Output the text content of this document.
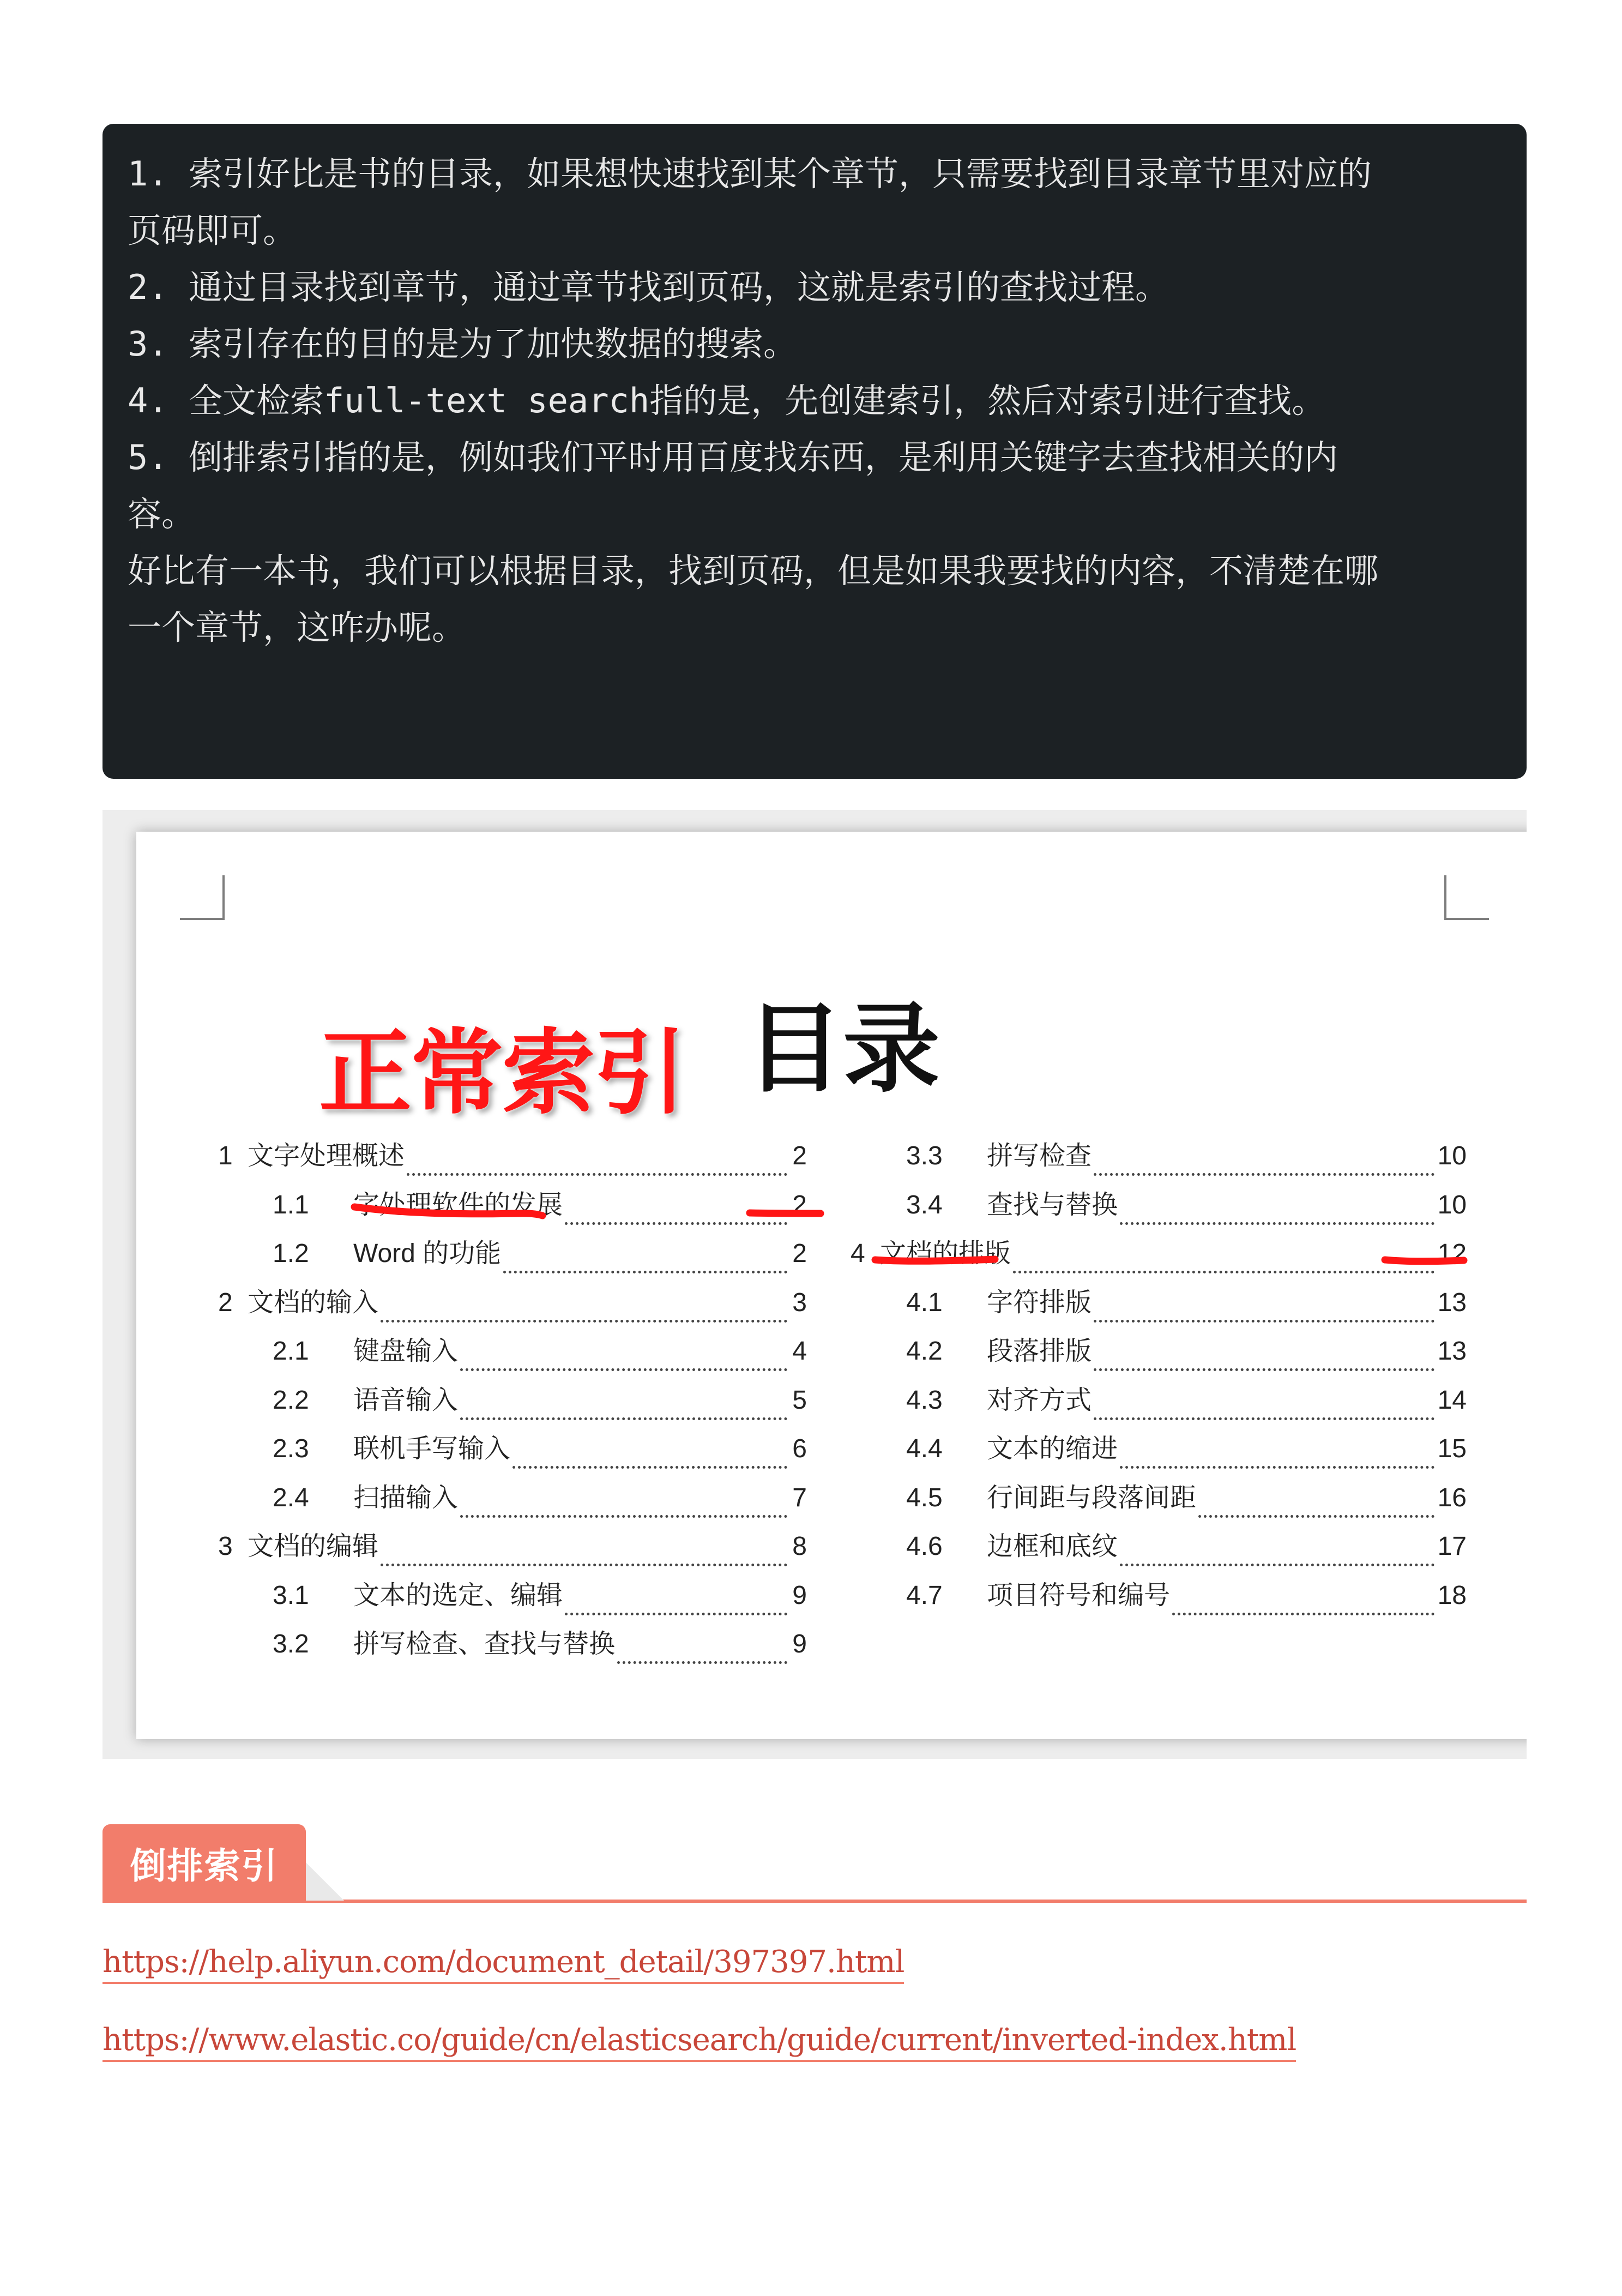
1. 索引好比是书的目录，如果想快速找到某个章节，只需要找到目录章节里对应的
页码即可。
2. 通过目录找到章节，通过章节找到页码，这就是索引的查找过程。
3. 索引存在的目的是为了加快数据的搜索。
4. 全文检索full-text search指的是，先创建索引，然后对索引进行查找。
5. 倒排索引指的是，例如我们平时用百度找东西，是利用关键字去查找相关的内
容。
好比有一本书，我们可以根据目录，找到页码，但是如果我要找的内容，不清楚在哪
一个章节，这咋办呢。
正常索引 目录
1 文字处理概述	2
1.1	字处理软件的发展	2
1.2	Word 的功能	2
2 文档的输入	3
2.1	键盘输入	4
2.2	语音输入	5
2.3	联机手写输入	6
2.4	扫描输入	7
3 文档的编辑	8
3.1	文本的选定、编辑	9
3.2	拼写检查、查找与替换	9
3.3	拼写检查	10
3.4	查找与替换	10
4 文档的排版	12
4.1	字符排版	13
4.2	段落排版	13
4.3	对齐方式	14
4.4	文本的缩进	15
4.5	行间距与段落间距	16
4.6	边框和底纹	17
4.7	项目符号和编号	18
倒排索引
https://help.aliyun.com/document_detail/397397.html
https://www.elastic.co/guide/cn/elasticsearch/guide/current/inverted-index.html
